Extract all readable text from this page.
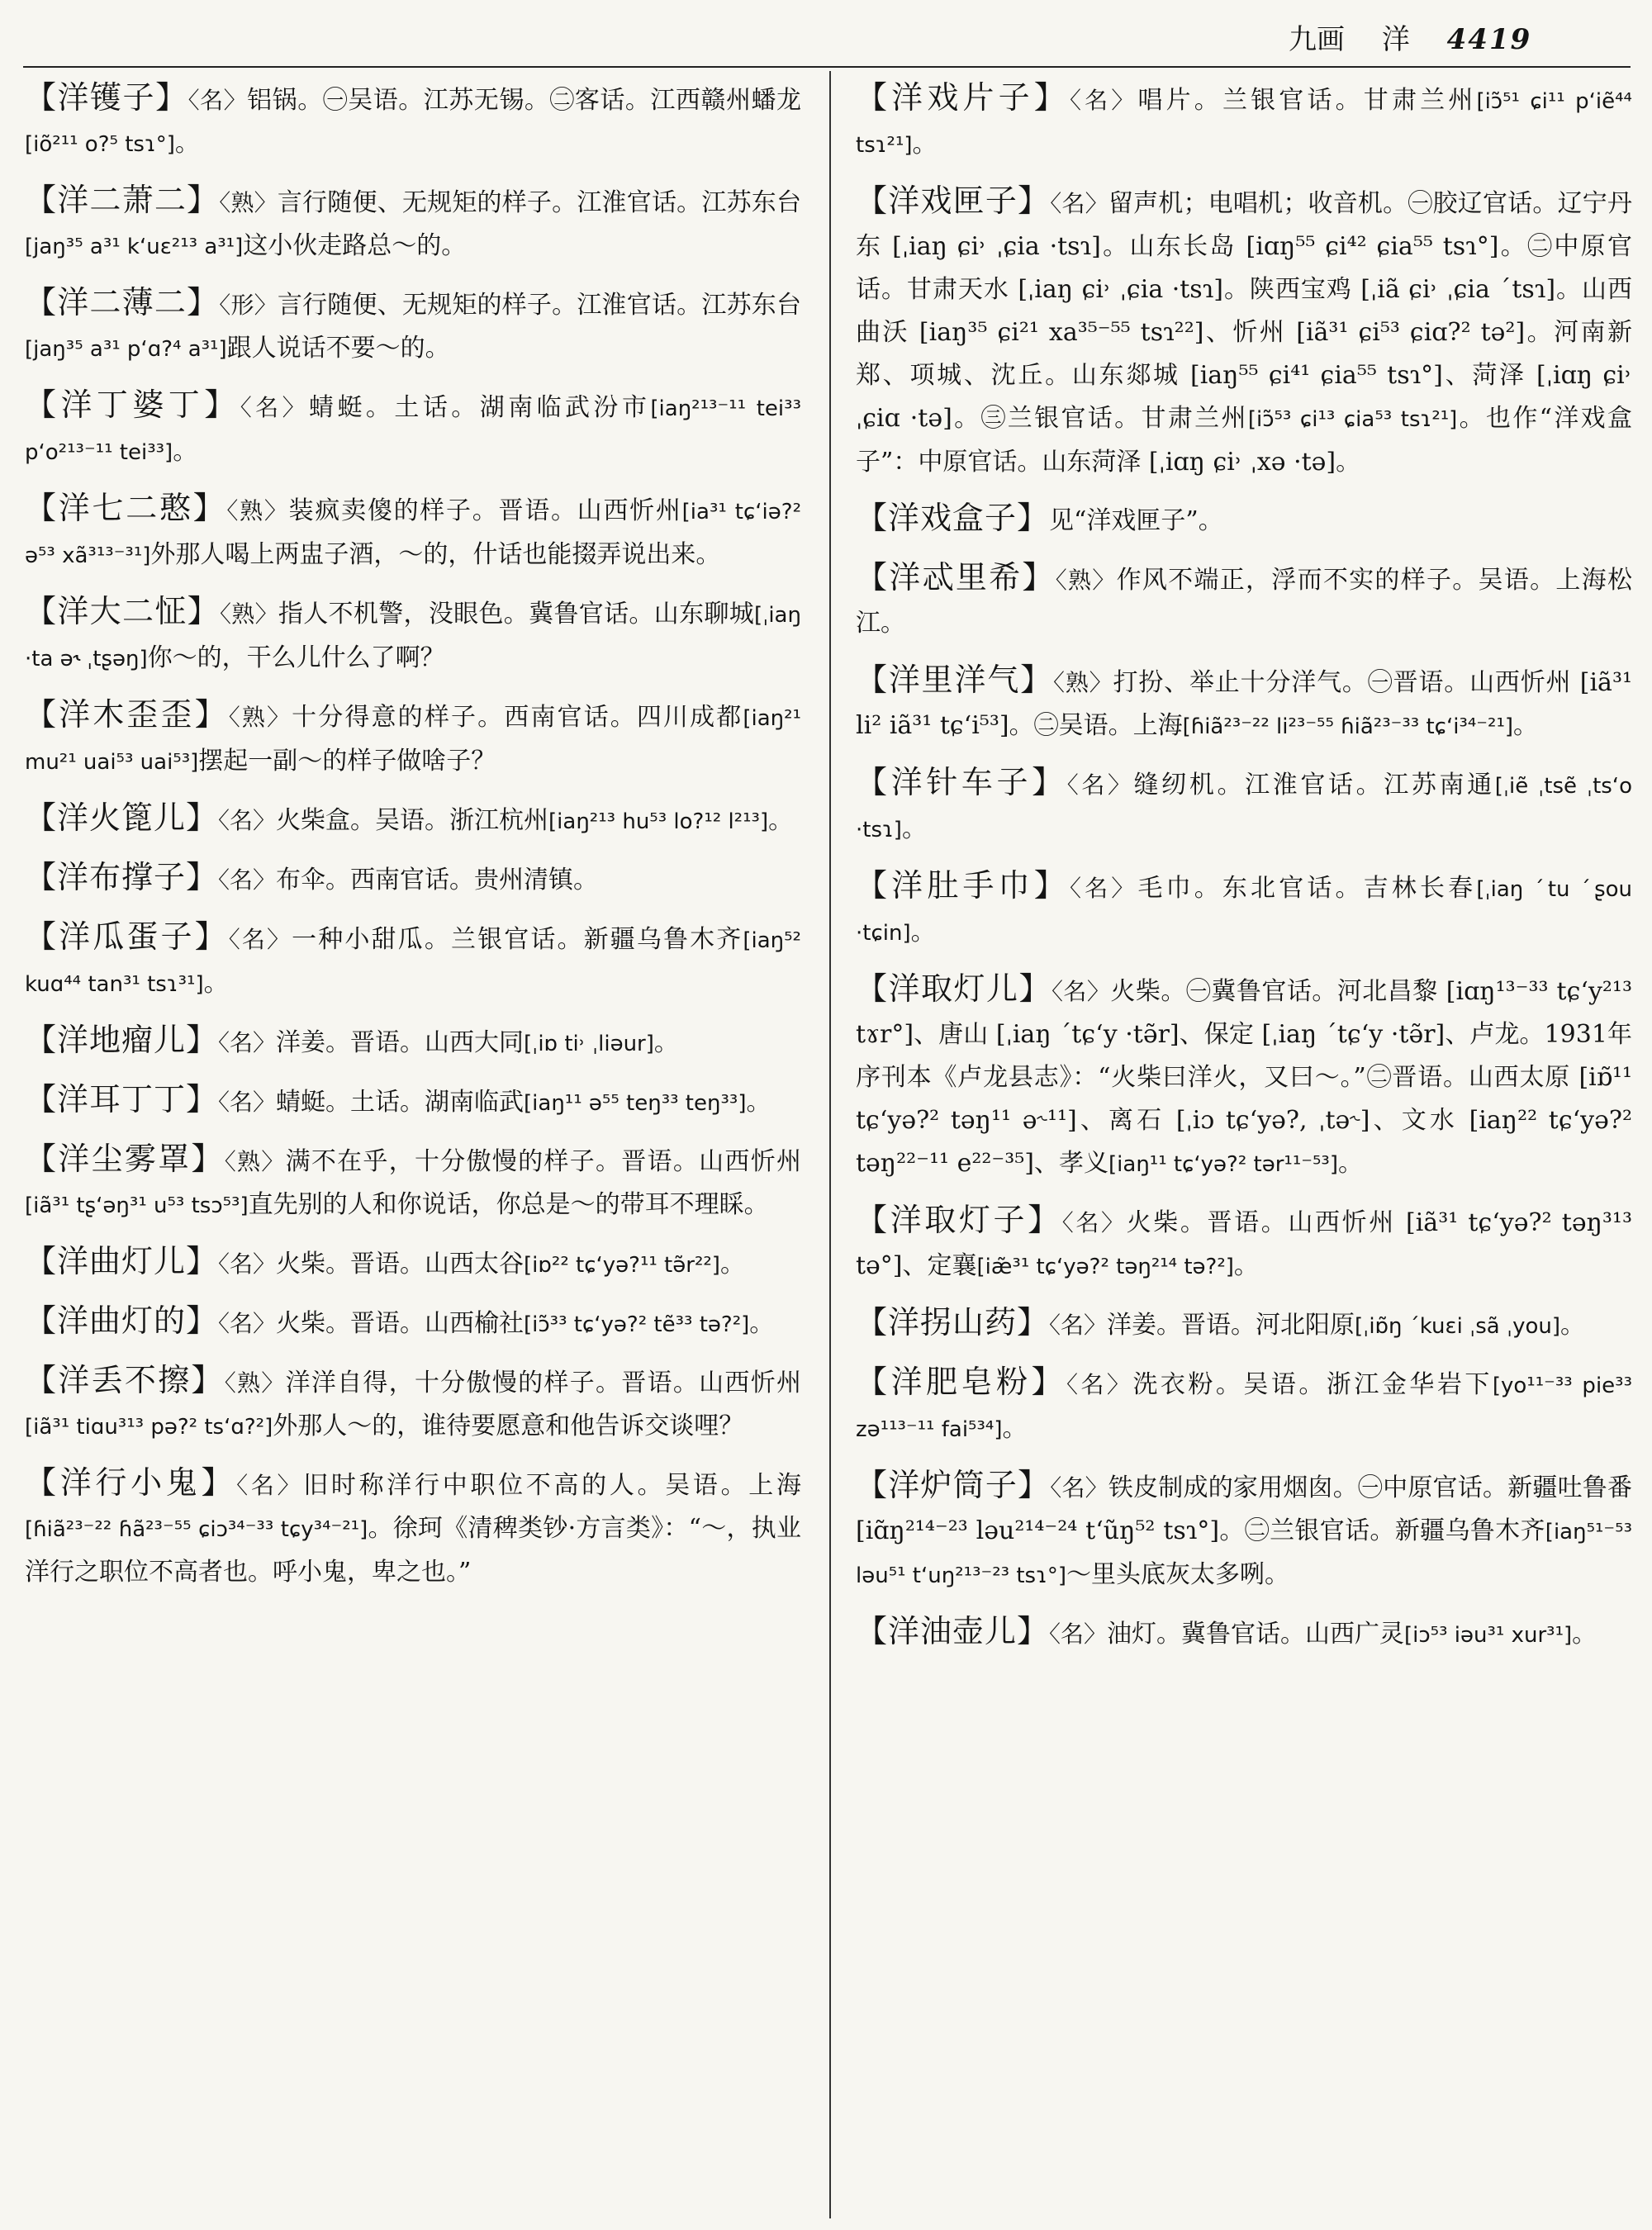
九画 洋 4419

【洋镬子】〈名〉铝锅。㊀吴语。江苏无锡。㊁客话。江西赣州蟠龙[iõ²¹¹ o?⁵ tsɿ°]。

【洋二萧二】〈熟〉言行随便、无规矩的样子。江淮官话。江苏东台[jaŋ³⁵ a³¹ k‘uɛ²¹³ a³¹]这小伙走路总～的。

【洋二薄二】〈形〉言行随便、无规矩的样子。江淮官话。江苏东台[jaŋ³⁵ a³¹ p‘ɑ?⁴ a³¹]跟人说话不要～的。

【洋丁婆丁】〈名〉蜻蜓。土话。湖南临武汾市[iaŋ²¹³⁻¹¹ tei³³ p‘o²¹³⁻¹¹ tei³³]。

【洋七二憨】〈熟〉装疯卖傻的样子。晋语。山西忻州[ia³¹ tɕ‘iə?² ə⁵³ xã³¹³⁻³¹]外那人喝上两盅子酒，～的，什话也能掇弄说出来。

【洋大二怔】〈熟〉指人不机警，没眼色。冀鲁官话。山东聊城[ˌiaŋ ·ta ə˞ ˌtʂəŋ]你～的，干么儿什么了啊？

【洋木歪歪】〈熟〉十分得意的样子。西南官话。四川成都[iaŋ²¹ mu²¹ uai⁵³ uai⁵³]摆起一副～的样子做啥子？

【洋火篦儿】〈名〉火柴盒。吴语。浙江杭州[iaŋ²¹³ hu⁵³ lo?¹² l²¹³]。

【洋布撑子】〈名〉布伞。西南官话。贵州清镇。

【洋瓜蛋子】〈名〉一种小甜瓜。兰银官话。新疆乌鲁木齐[iaŋ⁵² kuɑ⁴⁴ tan³¹ tsɿ³¹]。

【洋地瘤儿】〈名〉洋姜。晋语。山西大同[ˌiɒ ti˒ ˌliəur]。

【洋耳丁丁】〈名〉蜻蜓。土话。湖南临武[iaŋ¹¹ ə⁵⁵ teŋ³³ teŋ³³]。

【洋尘雾罩】〈熟〉满不在乎，十分傲慢的样子。晋语。山西忻州[iã³¹ tʂ‘əŋ³¹ u⁵³ tsɔ⁵³]直先别的人和你说话，你总是～的带耳不理睬。

【洋曲灯儿】〈名〉火柴。晋语。山西太谷[iɒ²² tɕ‘yə?¹¹ tə̃r²²]。

【洋曲灯的】〈名〉火柴。晋语。山西榆社[iɔ̃³³ tɕ‘yə?² tẽ³³ tə?²]。

【洋丢不擦】〈熟〉洋洋自得，十分傲慢的样子。晋语。山西忻州[iã³¹ tiɑu³¹³ pə?² ts‘ɑ?²]外那人～的，谁待要愿意和他告诉交谈哩？

【洋行小鬼】〈名〉旧时称洋行中职位不高的人。吴语。上海[ɦiã²³⁻²² ɦã²³⁻⁵⁵ ɕiɔ³⁴⁻³³ tɕy³⁴⁻²¹]。徐珂《清稗类钞·方言类》：“～，执业洋行之职位不高者也。呼小鬼，卑之也。”

【洋戏片子】〈名〉唱片。兰银官话。甘肃兰州[iɔ̃⁵¹ ɕi¹¹ p‘iẽ⁴⁴ tsɿ²¹]。

【洋戏匣子】〈名〉留声机；电唱机；收音机。㊀胶辽官话。辽宁丹东 [ˌiaŋ ɕi˒ ˌɕia ·tsɿ]。山东长岛 [iɑŋ⁵⁵ ɕi⁴² ɕia⁵⁵ tsɿ°]。㊁中原官话。甘肃天水 [ˌiaŋ ɕi˒ ˌɕia ·tsɿ]。陕西宝鸡 [ˌiã ɕi˒ ˌɕia ˊtsɿ]。山西曲沃 [iaŋ³⁵ ɕi²¹ xa³⁵⁻⁵⁵ tsɿ²²]、忻州 [iã³¹ ɕi⁵³ ɕiɑ?² tə²]。河南新郑、项城、沈丘。山东郯城 [iaŋ⁵⁵ ɕi⁴¹ ɕia⁵⁵ tsɿ°]、菏泽 [ˌiɑŋ ɕi˒ ˌɕiɑ ·tə]。㊂兰银官话。甘肃兰州[iɔ̃⁵³ ɕi¹³ ɕia⁵³ tsɿ²¹]。也作“洋戏盒子”：中原官话。山东菏泽 [ˌiɑŋ ɕi˒ ˌxə ·tə]。

【洋戏盒子】见“洋戏匣子”。

【洋忒里希】〈熟〉作风不端正，浮而不实的样子。吴语。上海松江。

【洋里洋气】〈熟〉打扮、举止十分洋气。㊀晋语。山西忻州 [iã³¹ li² iã³¹ tɕ‘i⁵³]。㊁吴语。上海[ɦiã²³⁻²² li²³⁻⁵⁵ ɦiã²³⁻³³ tɕ‘i³⁴⁻²¹]。

【洋针车子】〈名〉缝纫机。江淮官话。江苏南通[ˌiẽ ˌtsẽ ˌts‘o ·tsɿ]。

【洋肚手巾】〈名〉毛巾。东北官话。吉林长春[ˌiaŋ ˊtu ˊʂou ·tɕin]。

【洋取灯儿】〈名〉火柴。㊀冀鲁官话。河北昌黎 [iɑŋ¹³⁻³³ tɕ‘y²¹³ tɤr°]、唐山 [ˌiaŋ ˊtɕ‘y ·tə̃r]、保定 [ˌiaŋ ˊtɕ‘y ·tə̃r]、卢龙。1931年序刊本《卢龙县志》：“火柴曰洋火，又曰～。”㊁晋语。山西太原 [iɒ̃¹¹ tɕ‘yə?² təŋ¹¹ ə˞¹¹]、离石 [ˌiɔ tɕ‘yə?, ˌtə˞]、文水 [iaŋ²² tɕ‘yə?² təŋ²²⁻¹¹ e²²⁻³⁵]、孝义[iaŋ¹¹ tɕ‘yə?² tər¹¹⁻⁵³]。

【洋取灯子】〈名〉火柴。晋语。山西忻州 [iã³¹ tɕ‘yə?² təŋ³¹³ tə°]、定襄[iæ̃³¹ tɕ‘yə?² təŋ²¹⁴ tə?²]。

【洋拐山药】〈名〉洋姜。晋语。河北阳原[ˌiɒ̃ŋ ˊkuɛi ˌsã ˌyou]。

【洋肥皂粉】〈名〉洗衣粉。吴语。浙江金华岩下[yo¹¹⁻³³ pie³³ zə¹¹³⁻¹¹ fai⁵³⁴]。

【洋炉筒子】〈名〉铁皮制成的家用烟囱。㊀中原官话。新疆吐鲁番 [iɑ̃ŋ²¹⁴⁻²³ ləu²¹⁴⁻²⁴ t‘ũŋ⁵² tsɿ°]。㊁兰银官话。新疆乌鲁木齐[iaŋ⁵¹⁻⁵³ ləu⁵¹ t‘uŋ²¹³⁻²³ tsɿ°]～里头底灰太多咧。

【洋油壶儿】〈名〉油灯。冀鲁官话。山西广灵[iɔ⁵³ iəu³¹ xur³¹]。
